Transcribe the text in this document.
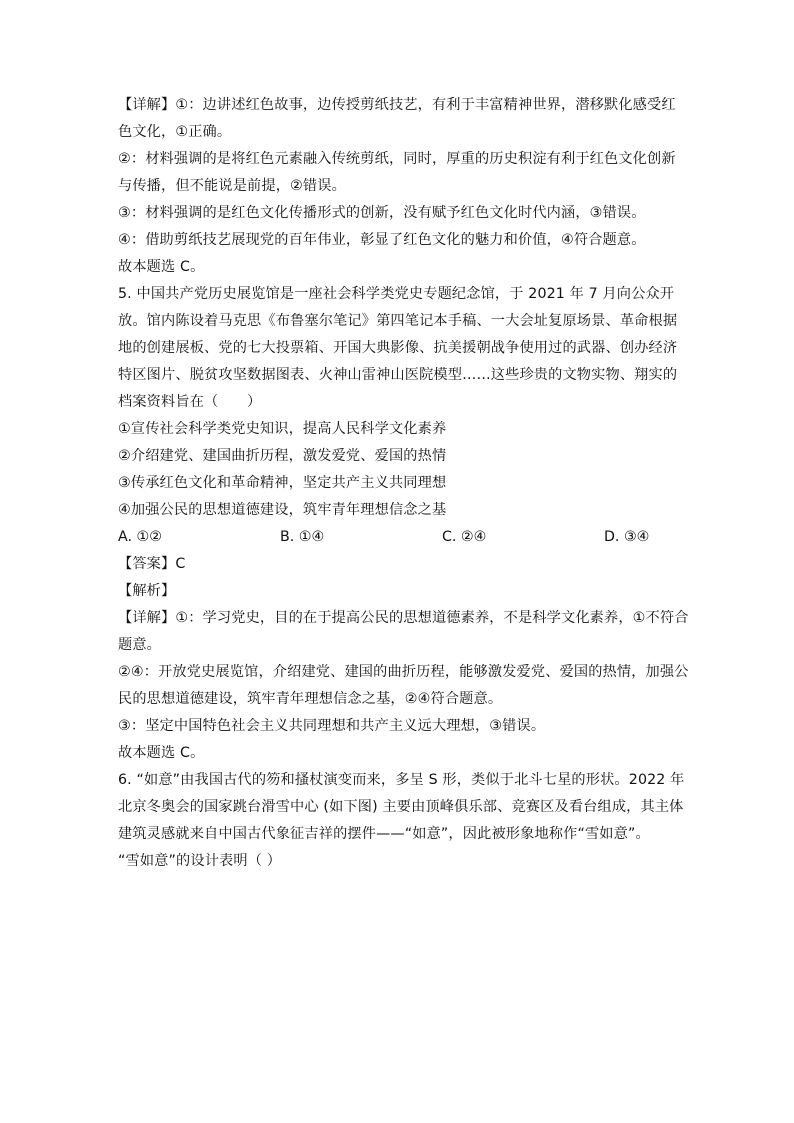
【详解】①：边讲述红色故事，边传授剪纸技艺，有利于丰富精神世界，潜移默化感受红
色文化，①正确。
②：材料强调的是将红色元素融入传统剪纸，同时，厚重的历史积淀有利于红色文化创新
与传播，但不能说是前提，②错误。
③：材料强调的是红色文化传播形式的创新，没有赋予红色文化时代内涵，③错误。
④：借助剪纸技艺展现党的百年伟业，彰显了红色文化的魅力和价值，④符合题意。
故本题选 C。
5. 中国共产党历史展览馆是一座社会科学类党史专题纪念馆，于 2021 年 7 月向公众开
放。馆内陈设着马克思《布鲁塞尔笔记》第四笔记本手稿、一大会址复原场景、革命根据
地的创建展板、党的七大投票箱、开国大典影像、抗美援朝战争使用过的武器、创办经济
特区图片、脱贫攻坚数据图表、火神山雷神山医院模型……这些珍贵的文物实物、翔实的
档案资料旨在（　　）
①宣传社会科学类党史知识，提高人民科学文化素养
②介绍建党、建国曲折历程，激发爱党、爱国的热情
③传承红色文化和革命精神，坚定共产主义共同理想
④加强公民的思想道德建设，筑牢青年理想信念之基
A. ①②	B. ①④	C. ②④	D. ③④
【答案】C
【解析】
【详解】①：学习党史，目的在于提高公民的思想道德素养，不是科学文化素养，①不符合
题意。
②④：开放党史展览馆，介绍建党、建国的曲折历程，能够激发爱党、爱国的热情，加强公
民的思想道德建设，筑牢青年理想信念之基，②④符合题意。
③：坚定中国特色社会主义共同理想和共产主义远大理想，③错误。
故本题选 C。
6. “如意”由我国古代的笏和搔杖演变而来，多呈 S 形，类似于北斗七星的形状。2022 年
北京冬奥会的国家跳台滑雪中心 (如下图) 主要由顶峰俱乐部、竞赛区及看台组成，其主体
建筑灵感就来自中国古代象征吉祥的摆件——“如意”，因此被形象地称作“雪如意”。
“雪如意”的设计表明（ ）
